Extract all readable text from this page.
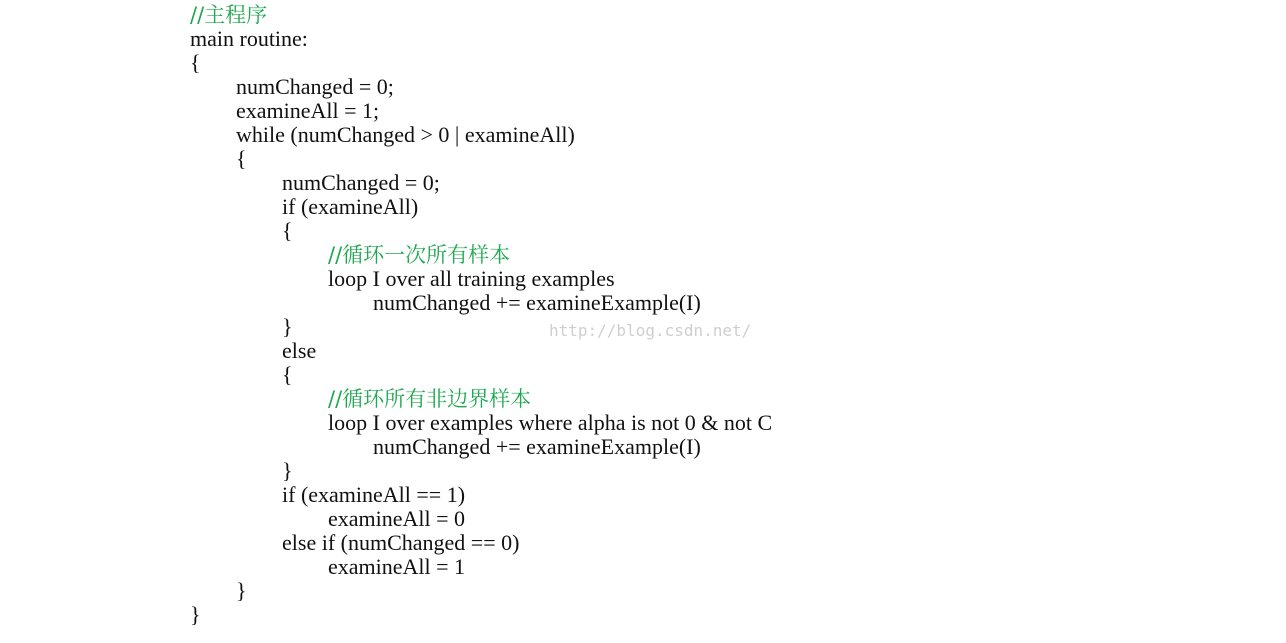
//主程序
main routine:
{
numChanged = 0;
examineAll = 1;
while (numChanged > 0 | examineAll)
{
numChanged = 0;
if (examineAll)
{
//循环一次所有样本
loop I over all training examples
numChanged += examineExample(I)
}
else
{
//循环所有非边界样本
loop I over examples where alpha is not 0 & not C
numChanged += examineExample(I)
}
if (examineAll == 1)
examineAll = 0
else if (numChanged == 0)
examineAll = 1
}
}
http://blog.csdn.net/
